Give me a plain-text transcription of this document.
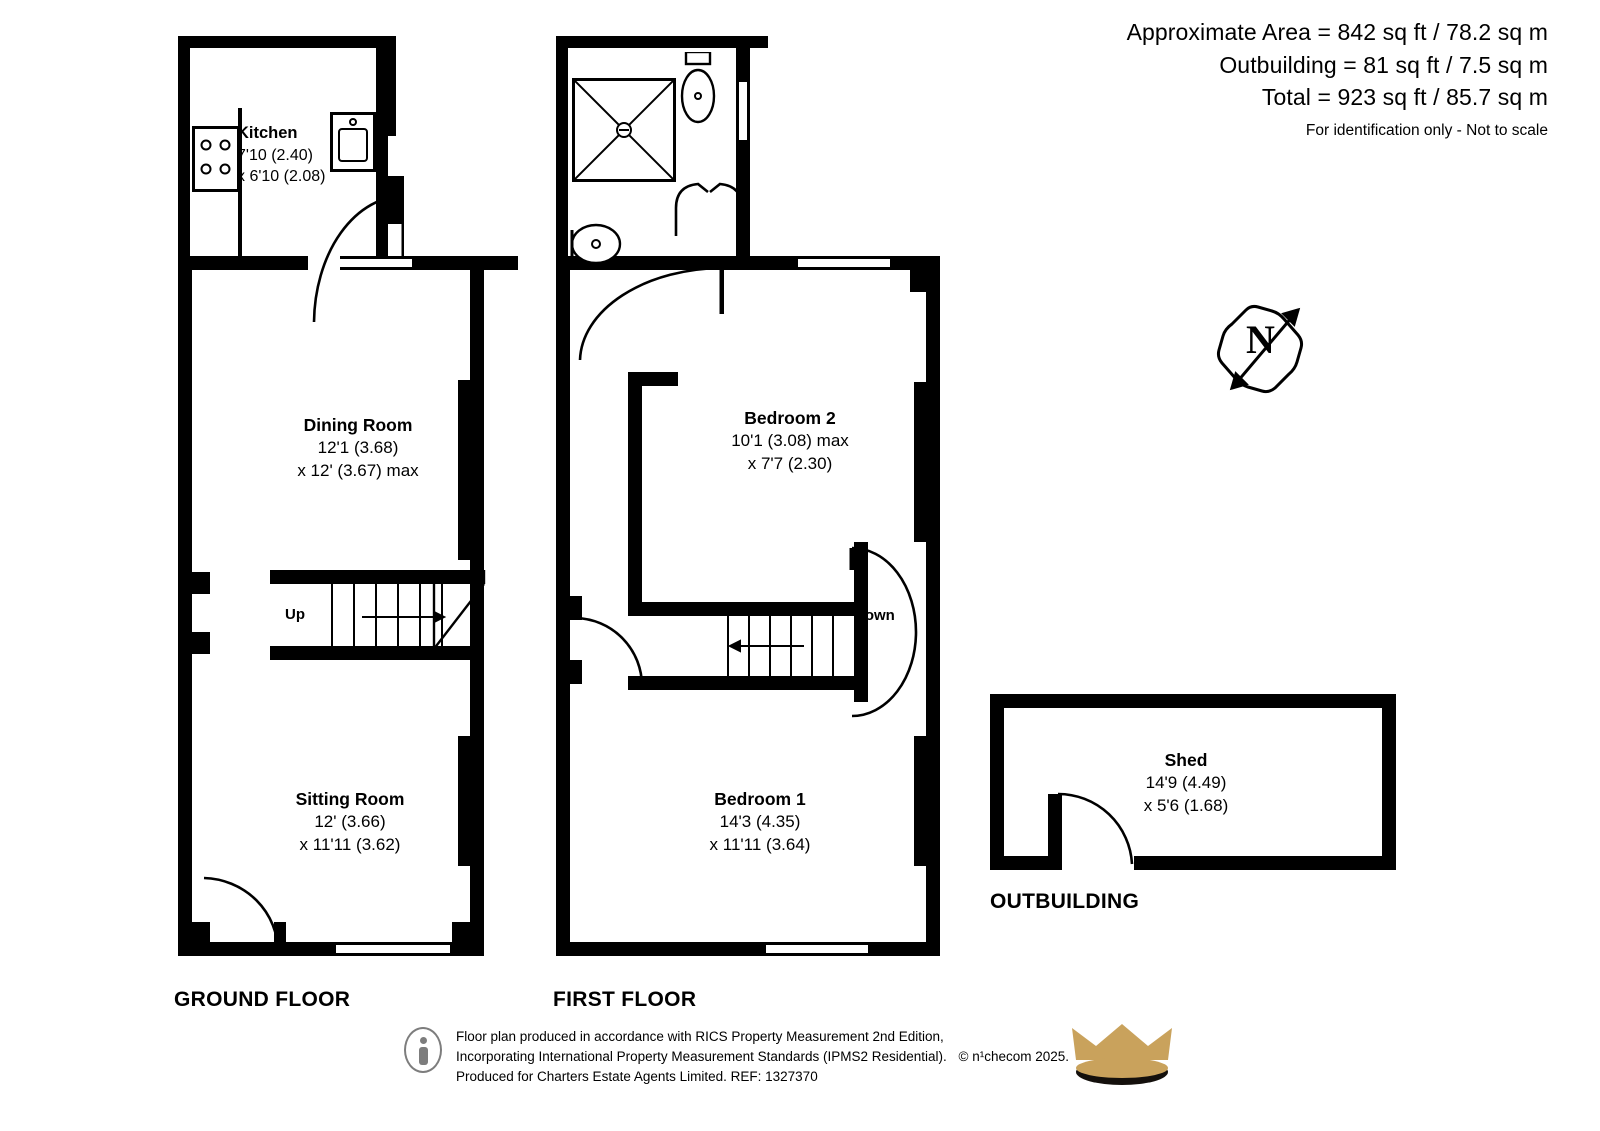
Approximate Area = 842 sq ft / 78.2 sq m
Outbuilding = 81 sq ft / 7.5 sq m
Total = 923 sq ft / 85.7 sq m
For identification only - Not to scale
N
Kitchen
7'10 (2.40)
x 6'10 (2.08)
Dining Room
12'1 (3.68)
x 12' (3.67) max
Sitting Room
12' (3.66)
x 11'11 (3.62)
Up
GROUND FLOOR
Bedroom 2
10'1 (3.08) max
x 7'7 (2.30)
Bedroom 1
14'3 (4.35)
x 11'11 (3.64)
Down
FIRST FLOOR
Shed
14'9 (4.49)
x 5'6 (1.68)
OUTBUILDING
Floor plan produced in accordance with RICS Property Measurement 2nd Edition,
Incorporating International Property Measurement Standards (IPMS2 Residential). © n¹checom 2025.
Produced for Charters Estate Agents Limited. REF: 1327370
